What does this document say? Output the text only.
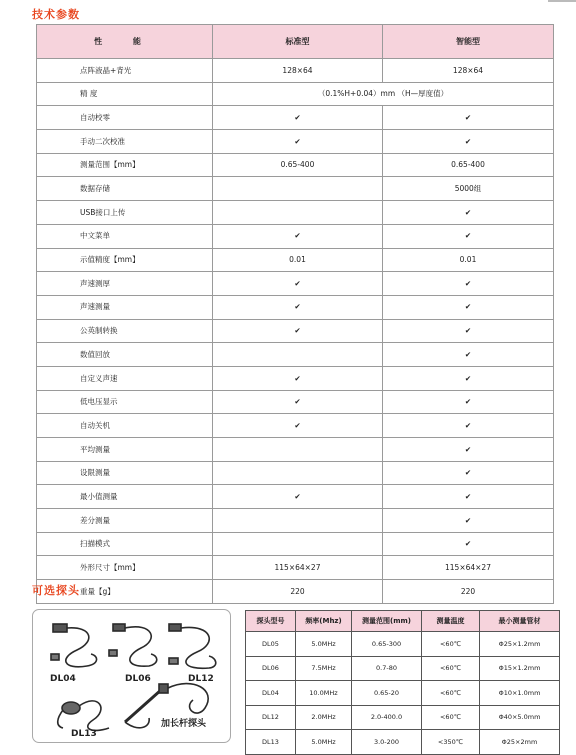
技术参数
性 能	标准型	智能型
点阵液晶+背光	128×64	128×64
精 度	（0.1%H+0.04）mm （H—厚度值）	
自动校零	✔	✔
手动二次校准	✔	✔
测量范围【mm】	0.65-400	0.65-400
数据存储		5000组
USB接口上传		✔
中文菜单	✔	✔
示值精度【mm】	0.01	0.01
声速测厚	✔	✔
声速测量	✔	✔
公英制转换	✔	✔
数值回放		✔
自定义声速	✔	✔
低电压显示	✔	✔
自动关机	✔	✔
平均测量		✔
设限测量		✔
最小值测量	✔	✔
差分测量		✔
扫描模式		✔
外形尺寸【mm】	115×64×27	115×64×27
重量【g】	220	220
可选探头
DL04	DL06	DL12
DL13
加长杆探头
探头型号	频率(Mhz)	测量范围(mm)	测量温度	最小测量管材
DL05	5.0MHz	0.65-300	<60℃	Φ25×1.2mm
DL06	7.5MHz	0.7-80	<60℃	Φ15×1.2mm
DL04	10.0MHz	0.65-20	<60℃	Φ10×1.0mm
DL12	2.0MHz	2.0-400.0	<60℃	Φ40×5.0mm
DL13	5.0MHz	3.0-200	<350℃	Φ25×2mm
